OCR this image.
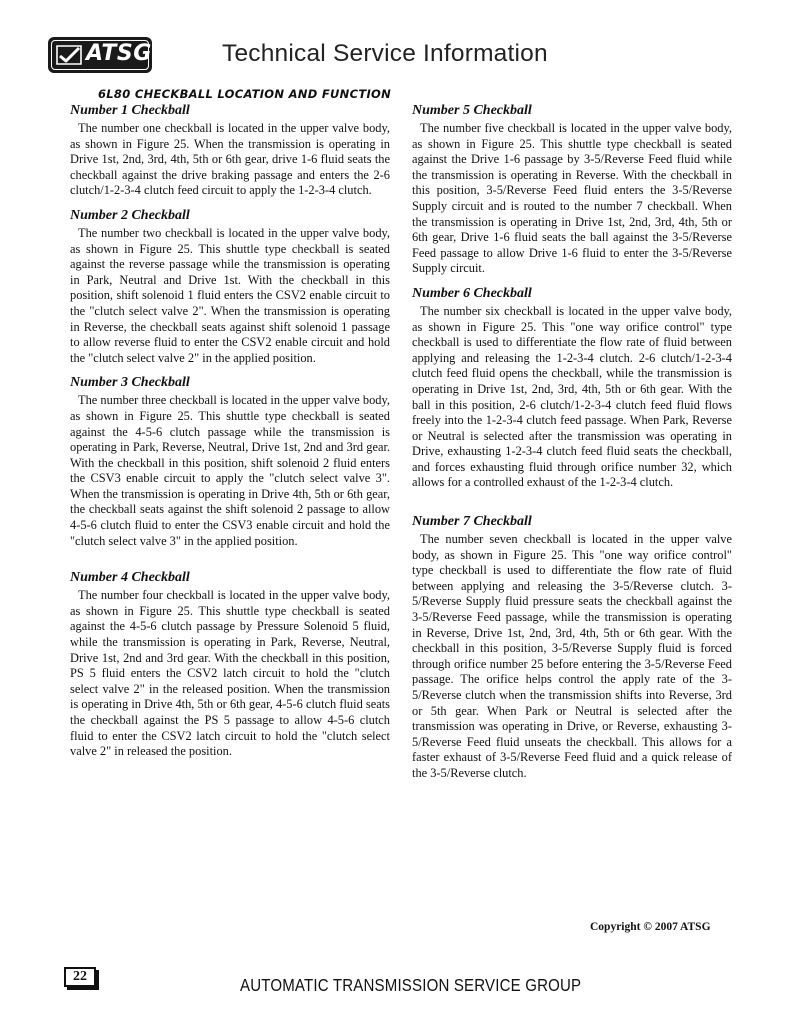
ATSG	Technical Service Information
6L80 CHECKBALL LOCATION AND FUNCTION
Number 1 Checkball

The number one checkball is located in the upper valve body, as shown in Figure 25. When the transmission is operating in Drive 1st, 2nd, 3rd, 4th, 5th or 6th gear, drive 1-6 fluid seats the checkball against the drive braking passage and enters the 2-6 clutch/1-2-3-4 clutch feed circuit to apply the 1-2-3-4 clutch.

Number 2 Checkball

The number two checkball is located in the upper valve body, as shown in Figure 25. This shuttle type checkball is seated against the reverse passage while the transmission is operating in Park, Neutral and Drive 1st. With the checkball in this position, shift solenoid 1 fluid enters the CSV2 enable circuit to the "clutch select valve 2". When the transmission is operating in Reverse, the checkball seats against shift solenoid 1 passage to allow reverse fluid to enter the CSV2 enable circuit and hold the "clutch select valve 2" in the applied position.

Number 3 Checkball

The number three checkball is located in the upper valve body, as shown in Figure 25. This shuttle type checkball is seated against the 4-5-6 clutch passage while the transmission is operating in Park, Reverse, Neutral, Drive 1st, 2nd and 3rd gear. With the checkball in this position, shift solenoid 2 fluid enters the CSV3 enable circuit to apply the "clutch select valve 3". When the transmission is operating in Drive 4th, 5th or 6th gear, the checkball seats against the shift solenoid 2 passage to allow 4-5-6 clutch fluid to enter the CSV3 enable circuit and hold the "clutch select valve 3" in the applied position.

Number 4 Checkball

The number four checkball is located in the upper valve body, as shown in Figure 25. This shuttle type checkball is seated against the 4-5-6 clutch passage by Pressure Solenoid 5 fluid, while the transmission is operating in Park, Reverse, Neutral, Drive 1st, 2nd and 3rd gear. With the checkball in this position, PS 5 fluid enters the CSV2 latch circuit to hold the "clutch select valve 2" in the released position. When the transmission is operating in Drive 4th, 5th or 6th gear, 4-5-6 clutch fluid seats the checkball against the PS 5 passage to allow 4-5-6 clutch fluid to enter the CSV2 latch circuit to hold the "clutch select valve 2" in released the position.

Number 5 Checkball

The number five checkball is located in the upper valve body, as shown in Figure 25. This shuttle type checkball is seated against the Drive 1-6 passage by 3-5/Reverse Feed fluid while the transmission is operating in Reverse. With the checkball in this position, 3-5/Reverse Feed fluid enters the 3-5/Reverse Supply circuit and is routed to the number 7 checkball. When the transmission is operating in Drive 1st, 2nd, 3rd, 4th, 5th or 6th gear, Drive 1-6 fluid seats the ball against the 3-5/Reverse Feed passage to allow Drive 1-6 fluid to enter the 3-5/Reverse Supply circuit.

Number 6 Checkball

The number six checkball is located in the upper valve body, as shown in Figure 25. This "one way orifice control" type checkball is used to differentiate the flow rate of fluid between applying and releasing the 1-2-3-4 clutch. 2-6 clutch/1-2-3-4 clutch feed fluid opens the checkball, while the transmission is operating in Drive 1st, 2nd, 3rd, 4th, 5th or 6th gear. With the ball in this position, 2-6 clutch/1-2-3-4 clutch feed fluid flows freely into the 1-2-3-4 clutch feed passage. When Park, Reverse or Neutral is selected after the transmission was operating in Drive, exhausting 1-2-3-4 clutch feed fluid seats the checkball, and forces exhausting fluid through orifice number 32, which allows for a controlled exhaust of the 1-2-3-4 clutch.

Number 7 Checkball

The number seven checkball is located in the upper valve body, as shown in Figure 25. This "one way orifice control" type checkball is used to differentiate the flow rate of fluid between applying and releasing the 3-5/Reverse clutch. 3-5/Reverse Supply fluid pressure seats the checkball against the 3-5/Reverse Feed passage, while the transmission is operating in Reverse, Drive 1st, 2nd, 3rd, 4th, 5th or 6th gear. With the checkball in this position, 3-5/Reverse Supply fluid is forced through orifice number 25 before entering the 3-5/Reverse Feed passage. The orifice helps control the apply rate of the 3-5/Reverse clutch when the transmission shifts into Reverse, 3rd or 5th gear. When Park or Neutral is selected after the transmission was operating in Drive, or Reverse, exhausting 3-5/Reverse Feed fluid unseats the checkball. This allows for a faster exhaust of 3-5/Reverse Feed fluid and a quick release of the 3-5/Reverse clutch.

Copyright © 2007 ATSG
22	AUTOMATIC TRANSMISSION SERVICE GROUP
